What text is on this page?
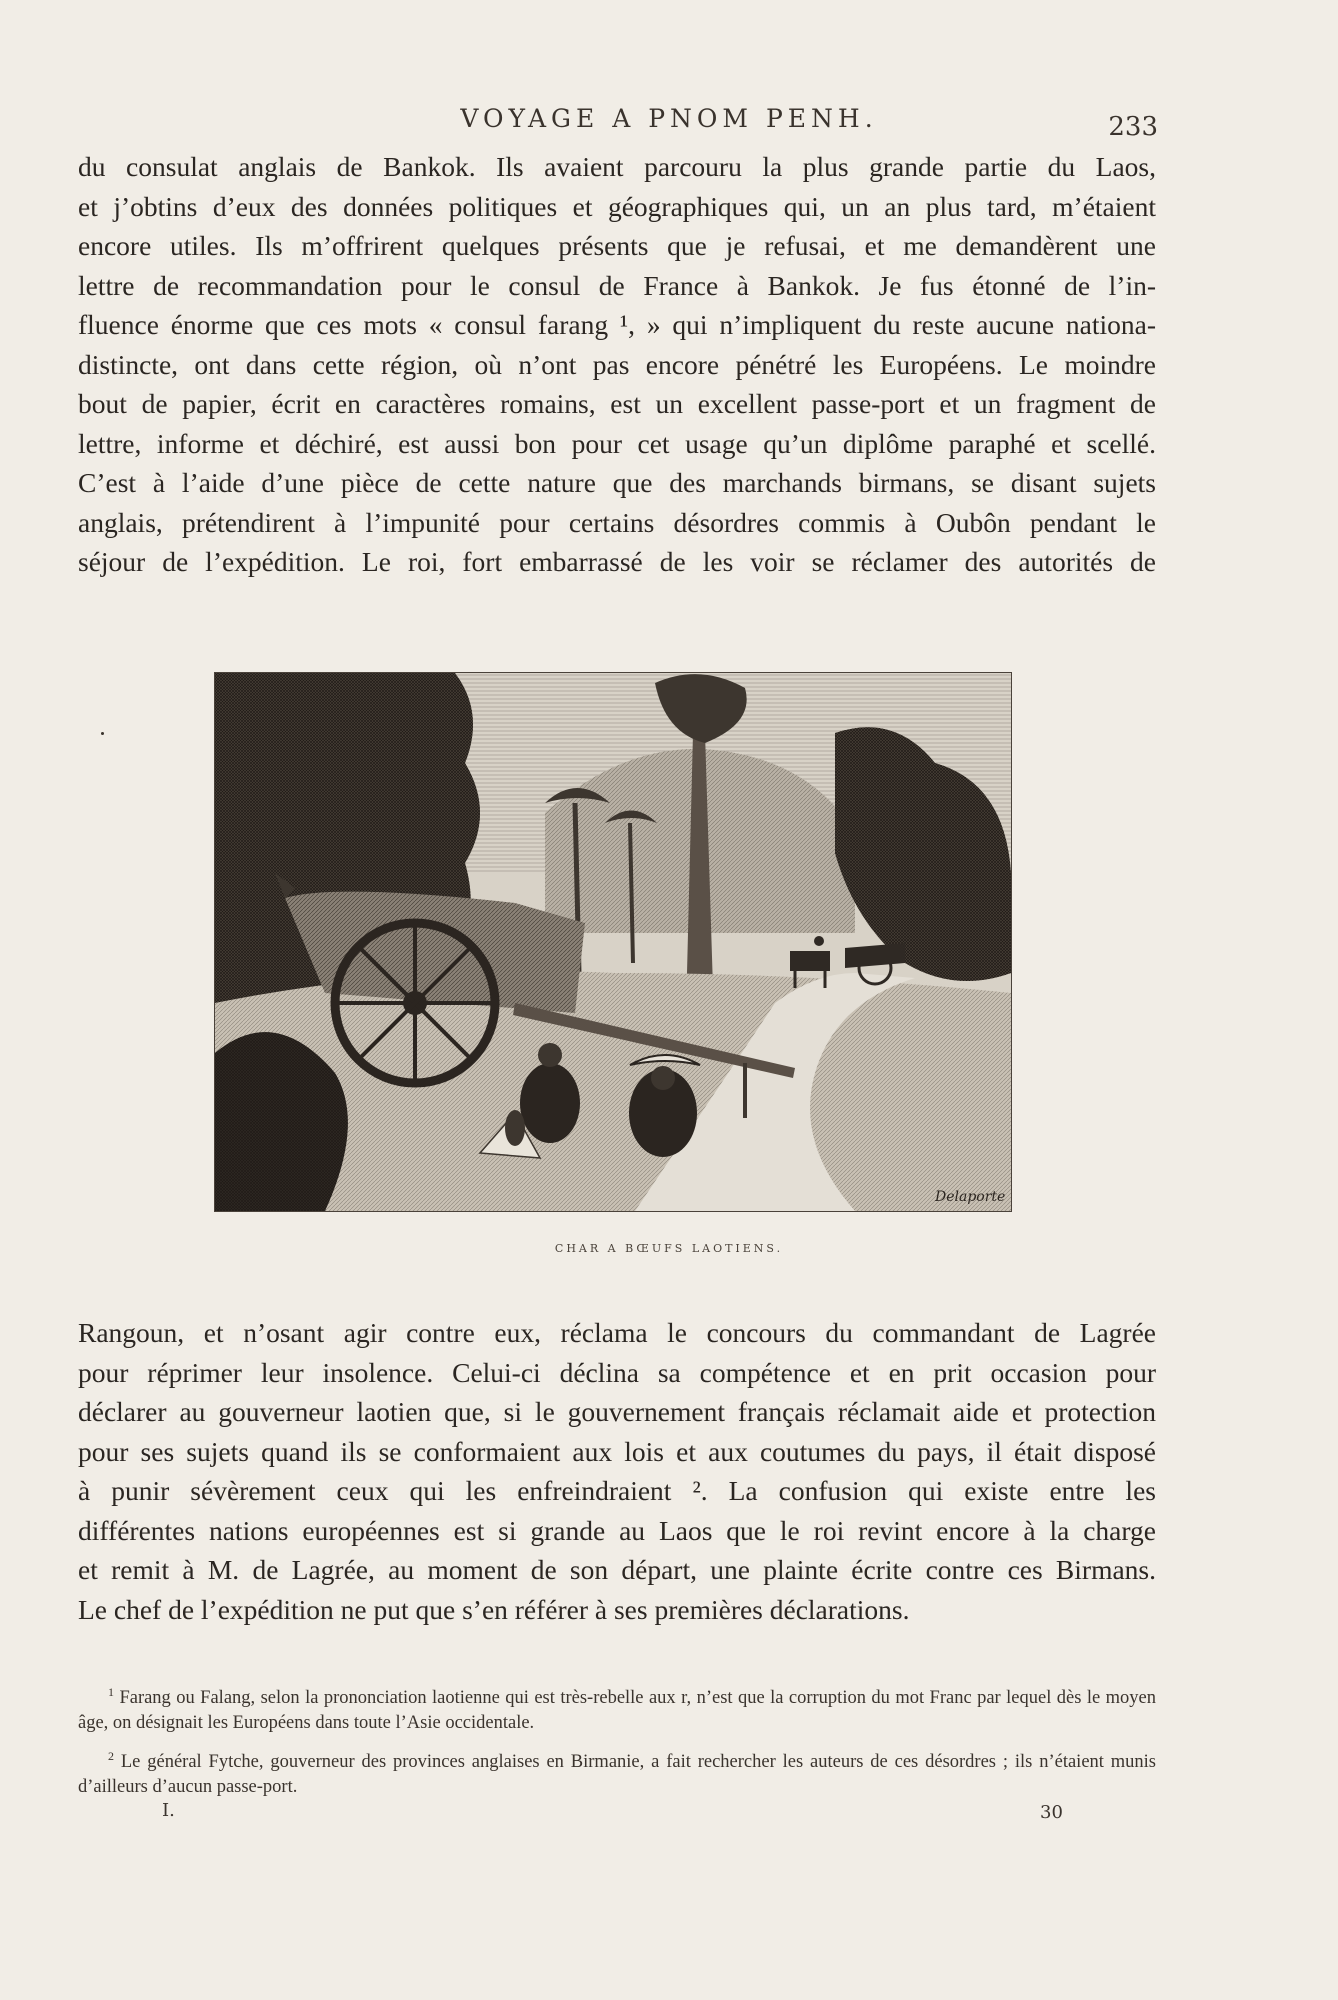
VOYAGE A PNOM PENH.	233

du consulat anglais de Bankok. Ils avaient parcouru la plus grande partie du Laos,

et j’obtins d’eux des données politiques et géographiques qui, un an plus tard, m’étaient

encore utiles. Ils m’offrirent quelques présents que je refusai, et me demandèrent une

lettre de recommandation pour le consul de France à Bankok. Je fus étonné de l’in-

fluence énorme que ces mots « consul farang ¹, » qui n’impliquent du reste aucune nationa-

distincte, ont dans cette région, où n’ont pas encore pénétré les Européens. Le moindre

bout de papier, écrit en caractères romains, est un excellent passe-port et un fragment de

lettre, informe et déchiré, est aussi bon pour cet usage qu’un diplôme paraphé et scellé.

C’est à l’aide d’une pièce de cette nature que des marchands birmans, se disant sujets

anglais, prétendirent à l’impunité pour certains désordres commis à Oubôn pendant le

séjour de l’expédition. Le roi, fort embarrassé de les voir se réclamer des autorités de

Delaporte
CHAR A BŒUFS LAOTIENS.

Rangoun, et n’osant agir contre eux, réclama le concours du commandant de Lagrée

pour réprimer leur insolence. Celui-ci déclina sa compétence et en prit occasion pour

déclarer au gouverneur laotien que, si le gouvernement français réclamait aide et protection

pour ses sujets quand ils se conformaient aux lois et aux coutumes du pays, il était disposé

à punir sévèrement ceux qui les enfreindraient ². La confusion qui existe entre les

différentes nations européennes est si grande au Laos que le roi revint encore à la charge

et remit à M. de Lagrée, au moment de son départ, une plainte écrite contre ces Birmans.

Le chef de l’expédition ne put que s’en référer à ses premières déclarations.

$^1$ Farang ou Falang, selon la prononciation laotienne qui est très-rebelle aux r, n’est que la corruption du mot Franc par lequel dès le moyen âge, on désignait les Européens dans toute l’Asie occidentale.

$^2$ Le général Fytche, gouverneur des provinces anglaises en Birmanie, a fait rechercher les auteurs de ces désordres ; ils n’étaient munis d’ailleurs d’aucun passe-port.

I.	30
